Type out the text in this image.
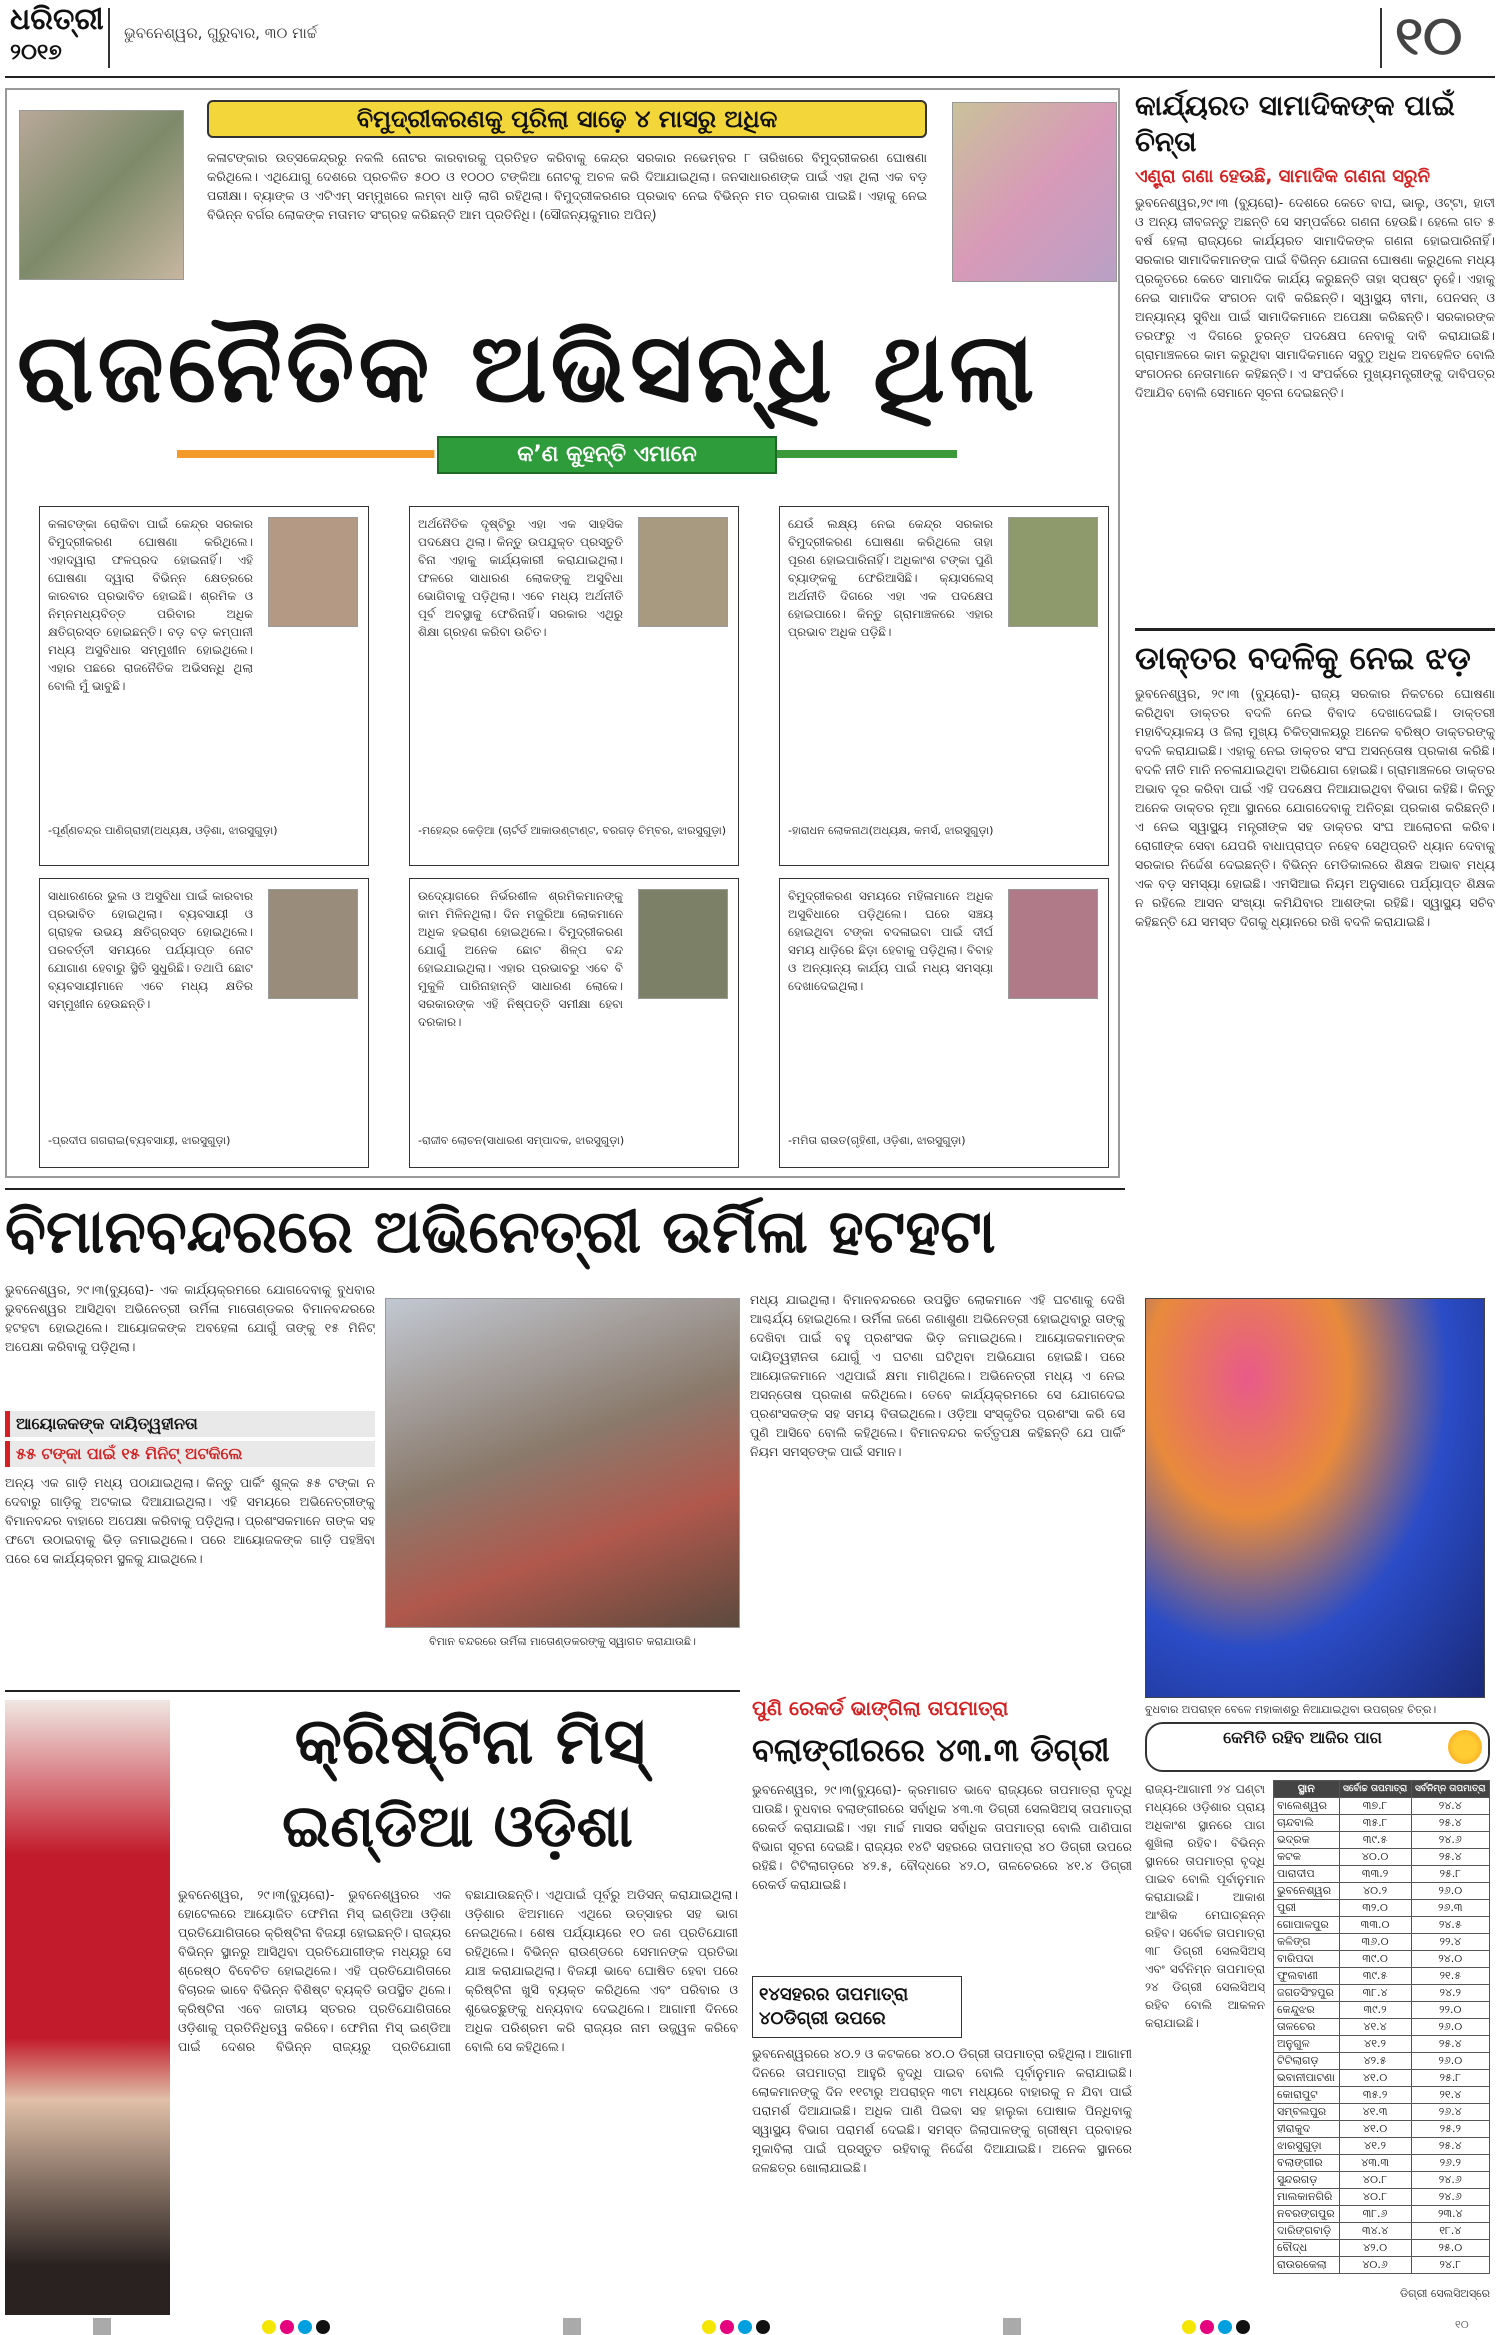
ଧରିତ୍ରୀ
୨୦୧୭
ଭୁବନେଶ୍ୱର, ଗୁରୁବାର, ୩୦ ମାର୍ଚ୍ଚ	୧୦
ବିମୁଦ୍ରୀକରଣକୁ ପୂରିଲା ସାଢ଼େ ୪ ମାସରୁ ଅଧିକ
କଳାଟଙ୍କାର ଉତ୍ସକେନ୍ଦ୍ରରୁ ନକଲି ନୋଟର କାରବାରକୁ ପ୍ରତିହତ କରିବାକୁ କେନ୍ଦ୍ର ସରକାର ନଭେମ୍ବର ୮ ତାରିଖରେ ବିମୁଦ୍ରୀକରଣ ଘୋଷଣା କରିଥିଲେ। ଏଥିଯୋଗୁ ଦେଶରେ ପ୍ରଚଳିତ ୫୦୦ ଓ ୧୦୦୦ ଟଙ୍କିଆ ନୋଟକୁ ଅଚଳ କରି ଦିଆଯାଇଥିଲା। ଜନସାଧାରଣଙ୍କ ପାଇଁ ଏହା ଥିଲା ଏକ ବଡ଼ ପରୀକ୍ଷା। ବ୍ୟାଙ୍କ ଓ ଏଟିଏମ୍ ସମ୍ମୁଖରେ ଲମ୍ବା ଧାଡ଼ି ଲାଗି ରହିଥିଲା। ବିମୁଦ୍ରୀକରଣର ପ୍ରଭାବ ନେଇ ବିଭିନ୍ନ ମତ ପ୍ରକାଶ ପାଇଛି। ଏହାକୁ ନେଇ ବିଭିନ୍ନ ବର୍ଗର ଲୋକଙ୍କ ମତାମତ ସଂଗ୍ରହ କରିଛନ୍ତି ଆମ ପ୍ରତିନିଧି। (ସୌଜନ୍ୟକୁମାର ଅପିନ୍)
ରାଜନୈତିକ ଅଭିସନ୍ଧି ଥିଲା
କ’ଣ କୁହନ୍ତି ଏମାନେ
କଳାଟଙ୍କା ରୋକିବା ପାଇଁ କେନ୍ଦ୍ର ସରକାର ବିମୁଦ୍ରୀକରଣ ଘୋଷଣା କରିଥିଲେ। ଏହାଦ୍ୱାରା ଫଳପ୍ରଦ ହୋଇନାହିଁ। ଏହି ଘୋଷଣା ଦ୍ୱାରା ବିଭିନ୍ନ କ୍ଷେତ୍ରରେ କାରବାର ପ୍ରଭାବିତ ହୋଇଛି। ଶ୍ରମିକ ଓ ନିମ୍ନମଧ୍ୟବିତ୍ତ ପରିବାର ଅଧିକ କ୍ଷତିଗ୍ରସ୍ତ ହୋଇଛନ୍ତି। ବଡ଼ ବଡ଼ କମ୍ପାନୀ ମଧ୍ୟ ଅସୁବିଧାର ସମ୍ମୁଖୀନ ହୋଇଥିଲେ। ଏହାର ପଛରେ ରାଜନୈତିକ ଅଭିସନ୍ଧି ଥିଲା ବୋଲି ମୁଁ ଭାବୁଛି।
-ପୂର୍ଣ୍ଣଚନ୍ଦ୍ର ପାଣିଗ୍ରାହୀ(ଅଧ୍ୟକ୍ଷ, ଓଡ଼ିଶା, ଝାରସୁଗୁଡ଼ା)
ଅର୍ଥନୈତିକ ଦୃଷ୍ଟିରୁ ଏହା ଏକ ସାହସିକ ପଦକ୍ଷେପ ଥିଲା। କିନ୍ତୁ ଉପଯୁକ୍ତ ପ୍ରସ୍ତୁତି ବିନା ଏହାକୁ କାର୍ଯ୍ୟକାରୀ କରାଯାଇଥିଲା। ଫଳରେ ସାଧାରଣ ଲୋକଙ୍କୁ ଅସୁବିଧା ଭୋଗିବାକୁ ପଡ଼ିଥିଲା। ଏବେ ମଧ୍ୟ ଅର୍ଥନୀତି ପୂର୍ବ ଅବସ୍ଥାକୁ ଫେରିନାହିଁ। ସରକାର ଏଥିରୁ ଶିକ୍ଷା ଗ୍ରହଣ କରିବା ଉଚିତ।
-ମହେନ୍ଦ୍ର କେଡ଼ିଆ (ଚାର୍ଟର୍ଡ ଆକାଉଣ୍ଟାଣ୍ଟ, ବରଗଡ଼ ଚିମ୍ବର, ଝାରସୁଗୁଡ଼ା)
ଯେଉଁ ଲକ୍ଷ୍ୟ ନେଇ କେନ୍ଦ୍ର ସରକାର ବିମୁଦ୍ରୀକରଣ ଘୋଷଣା କରିଥିଲେ ତାହା ପୂରଣ ହୋଇପାରିନାହିଁ। ଅଧିକାଂଶ ଟଙ୍କା ପୁଣି ବ୍ୟାଙ୍କକୁ ଫେରିଆସିଛି। କ୍ୟାସଲେସ୍ ଅର୍ଥନୀତି ଦିଗରେ ଏହା ଏକ ପଦକ୍ଷେପ ହୋଇପାରେ। କିନ୍ତୁ ଗ୍ରାମାଞ୍ଚଳରେ ଏହାର ପ୍ରଭାବ ଅଧିକ ପଡ଼ିଛି।
-ହାରାଧନ ଲୋକନାଥ(ଅଧ୍ୟକ୍ଷ, କମର୍ସ, ଝାରସୁଗୁଡ଼ା)
ସାଧାରଣରେ ଭୁଲ ଓ ଅସୁବିଧା ପାଇଁ କାରବାର ପ୍ରଭାବିତ ହୋଇଥିଲା। ବ୍ୟବସାୟୀ ଓ ଗ୍ରାହକ ଉଭୟ କ୍ଷତିଗ୍ରସ୍ତ ହୋଇଥିଲେ। ପରବର୍ତ୍ତୀ ସମୟରେ ପର୍ଯ୍ୟାପ୍ତ ନୋଟ ଯୋଗାଣ ହେବାରୁ ସ୍ଥିତି ସୁଧୁରିଛି। ତଥାପି ଛୋଟ ବ୍ୟବସାୟୀମାନେ ଏବେ ମଧ୍ୟ କ୍ଷତିର ସମ୍ମୁଖୀନ ହେଉଛନ୍ତି।
-ପ୍ରଦୀପ ଗଗରାଇ(ବ୍ୟବସାୟୀ, ଝାରସୁଗୁଡ଼ା)
ଉଦ୍ୟୋଗରେ ନିର୍ଭରଶୀଳ ଶ୍ରମିକମାନଙ୍କୁ କାମ ମିଳିନଥିଲା। ଦିନ ମଜୁରିଆ ଲୋକମାନେ ଅଧିକ ହଇରାଣ ହୋଇଥିଲେ। ବିମୁଦ୍ରୀକରଣ ଯୋଗୁଁ ଅନେକ ଛୋଟ ଶିଳ୍ପ ବନ୍ଦ ହୋଇଯାଇଥିଲା। ଏହାର ପ୍ରଭାବରୁ ଏବେ ବି ମୁକୁଳି ପାରିନାହାନ୍ତି ସାଧାରଣ ଲୋକେ। ସରକାରଙ୍କ ଏହି ନିଷ୍ପତ୍ତି ସମୀକ୍ଷା ହେବା ଦରକାର।
-ରାଜୀବ ଲୋଚନ(ସାଧାରଣ ସମ୍ପାଦକ, ଝାରସୁଗୁଡ଼ା)
ବିମୁଦ୍ରୀକରଣ ସମୟରେ ମହିଳାମାନେ ଅଧିକ ଅସୁବିଧାରେ ପଡ଼ିଥିଲେ। ଘରେ ସଞ୍ଚୟ ହୋଇଥିବା ଟଙ୍କା ବଦଳାଇବା ପାଇଁ ଦୀର୍ଘ ସମୟ ଧାଡ଼ିରେ ଛିଡ଼ା ହେବାକୁ ପଡ଼ିଥିଲା। ବିବାହ ଓ ଅନ୍ୟାନ୍ୟ କାର୍ଯ୍ୟ ପାଇଁ ମଧ୍ୟ ସମସ୍ୟା ଦେଖାଦେଇଥିଲା।
-ମମିତା ରାଉତ(ଗୃହିଣୀ, ଓଡ଼ିଶା, ଝାରସୁଗୁଡ଼ା)
କାର୍ଯ୍ୟରତ ସାମାଦିକଙ୍କ ପାଇଁ ଚିନ୍ତା
ଏଣ୍ଟ୍ରା ଗଣା ହେଉଛି, ସାମାଦିକ ଗଣନା ସରୁନି
ଭୁବନେଶ୍ୱର,୨୯।୩ (ବ୍ୟୁରୋ)- ଦେଶରେ କେତେ ବାଘ, ଭାଲୁ, ଓଟ୍ଟା, ହାତୀ ଓ ଅନ୍ୟ ଜୀବଜନ୍ତୁ ଅଛନ୍ତି ସେ ସମ୍ପର୍କରେ ଗଣନା ହେଉଛି। ହେଲେ ଗତ ୫ ବର୍ଷ ହେଲା ରାଜ୍ୟରେ କାର୍ଯ୍ୟରତ ସାମାଦିକଙ୍କ ଗଣନା ହୋଇପାରିନାହିଁ। ସରକାର ସାମାଦିକମାନଙ୍କ ପାଇଁ ବିଭିନ୍ନ ଯୋଜନା ଘୋଷଣା କରୁଥିଲେ ମଧ୍ୟ ପ୍ରକୃତରେ କେତେ ସାମାଦିକ କାର୍ଯ୍ୟ କରୁଛନ୍ତି ତାହା ସ୍ପଷ୍ଟ ନୁହେଁ। ଏହାକୁ ନେଇ ସାମାଦିକ ସଂଗଠନ ଦାବି କରିଛନ୍ତି। ସ୍ୱାସ୍ଥ୍ୟ ବୀମା, ପେନସନ୍ ଓ ଅନ୍ୟାନ୍ୟ ସୁବିଧା ପାଇଁ ସାମାଦିକମାନେ ଅପେକ୍ଷା କରିଛନ୍ତି। ସରକାରଙ୍କ ତରଫରୁ ଏ ଦିଗରେ ତୁରନ୍ତ ପଦକ୍ଷେପ ନେବାକୁ ଦାବି କରାଯାଇଛି। ଗ୍ରାମାଞ୍ଚଳରେ କାମ କରୁଥିବା ସାମାଦିକମାନେ ସବୁଠୁ ଅଧିକ ଅବହେଳିତ ବୋଲି ସଂଗଠନର ନେତାମାନେ କହିଛନ୍ତି। ଏ ସଂପର୍କରେ ମୁଖ୍ୟମନ୍ତ୍ରୀଙ୍କୁ ଦାବିପତ୍ର ଦିଆଯିବ ବୋଲି ସେମାନେ ସୂଚନା ଦେଇଛନ୍ତି।
ଡାକ୍ତର ବଦଳିକୁ ନେଇ ଝଡ଼
ଭୁବନେଶ୍ୱର, ୨୯।୩ (ବ୍ୟୁରୋ)- ରାଜ୍ୟ ସରକାର ନିକଟରେ ଘୋଷଣା କରିଥିବା ଡାକ୍ତର ବଦଳି ନେଇ ବିବାଦ ଦେଖାଦେଇଛି। ଡାକ୍ତରୀ ମହାବିଦ୍ୟାଳୟ ଓ ଜିଲା ମୁଖ୍ୟ ଚିକିତ୍ସାଳୟରୁ ଅନେକ ବରିଷ୍ଠ ଡାକ୍ତରଙ୍କୁ ବଦଳି କରାଯାଇଛି। ଏହାକୁ ନେଇ ଡାକ୍ତର ସଂଘ ଅସନ୍ତୋଷ ପ୍ରକାଶ କରିଛି। ବଦଳି ନୀତି ମାନି ନଚଳାଯାଇଥିବା ଅଭିଯୋଗ ହୋଇଛି। ଗ୍ରାମାଞ୍ଚଳରେ ଡାକ୍ତର ଅଭାବ ଦୂର କରିବା ପାଇଁ ଏହି ପଦକ୍ଷେପ ନିଆଯାଇଥିବା ବିଭାଗ କହିଛି। କିନ୍ତୁ ଅନେକ ଡାକ୍ତର ନୂଆ ସ୍ଥାନରେ ଯୋଗଦେବାକୁ ଅନିଚ୍ଛା ପ୍ରକାଶ କରିଛନ୍ତି। ଏ ନେଇ ସ୍ୱାସ୍ଥ୍ୟ ମନ୍ତ୍ରୀଙ୍କ ସହ ଡାକ୍ତର ସଂଘ ଆଲୋଚନା କରିବ। ରୋଗୀଙ୍କ ସେବା ଯେପରି ବାଧାପ୍ରାପ୍ତ ନହେବ ସେଥିପ୍ରତି ଧ୍ୟାନ ଦେବାକୁ ସରକାର ନିର୍ଦ୍ଦେଶ ଦେଇଛନ୍ତି। ବିଭିନ୍ନ ମେଡିକାଲରେ ଶିକ୍ଷକ ଅଭାବ ମଧ୍ୟ ଏକ ବଡ଼ ସମସ୍ୟା ହୋଇଛି। ଏମସିଆଇ ନିୟମ ଅନୁସାରେ ପର୍ଯ୍ୟାପ୍ତ ଶିକ୍ଷକ ନ ରହିଲେ ଆସନ ସଂଖ୍ୟା କମିଯିବାର ଆଶଙ୍କା ରହିଛି। ସ୍ୱାସ୍ଥ୍ୟ ସଚିବ କହିଛନ୍ତି ଯେ ସମସ୍ତ ଦିଗକୁ ଧ୍ୟାନରେ ରଖି ବଦଳି କରାଯାଇଛି।
ବିମାନବନ୍ଦରରେ ଅଭିନେତ୍ରୀ ଉର୍ମିଳା ହଟହଟା
ଭୁବନେଶ୍ୱର, ୨୯।୩(ବ୍ୟୁରୋ)- ଏକ କାର୍ଯ୍ୟକ୍ରମରେ ଯୋଗଦେବାକୁ ବୁଧବାର ଭୁବନେଶ୍ୱର ଆସିଥିବା ଅଭିନେତ୍ରୀ ଉର୍ମିଳା ମାତୋଣ୍ଡକର ବିମାନବନ୍ଦରରେ ହଟହଟା ହୋଇଥିଲେ। ଆୟୋଜକଙ୍କ ଅବହେଳା ଯୋଗୁଁ ତାଙ୍କୁ ୧୫ ମିନିଟ୍ ଅପେକ୍ଷା କରିବାକୁ ପଡ଼ିଥିଲା।
ଆୟୋଜକଙ୍କ ଦାୟିତ୍ୱହୀନତା
୫୫ ଟଙ୍କା ପାଇଁ ୧୫ ମିନିଟ୍ ଅଟକିଲେ
ଅନ୍ୟ ଏକ ଗାଡ଼ି ମଧ୍ୟ ପଠାଯାଇଥିଲା। କିନ୍ତୁ ପାର୍କିଂ ଶୁଳ୍କ ୫୫ ଟଙ୍କା ନ ଦେବାରୁ ଗାଡ଼ିକୁ ଅଟକାଇ ଦିଆଯାଇଥିଲା। ଏହି ସମୟରେ ଅଭିନେତ୍ରୀଙ୍କୁ ବିମାନବନ୍ଦର ବାହାରେ ଅପେକ୍ଷା କରିବାକୁ ପଡ଼ିଥିଲା। ପ୍ରଶଂସକମାନେ ତାଙ୍କ ସହ ଫଟୋ ଉଠାଇବାକୁ ଭିଡ଼ ଜମାଇଥିଲେ। ପରେ ଆୟୋଜକଙ୍କ ଗାଡ଼ି ପହଞ୍ଚିବା ପରେ ସେ କାର୍ଯ୍ୟକ୍ରମ ସ୍ଥଳକୁ ଯାଇଥିଲେ।
ବିମାନ ବନ୍ଦରରେ ଉର୍ମିଳା ମାତୋଣ୍ଡକରଙ୍କୁ ସ୍ୱାଗତ କରାଯାଉଛି।
ମଧ୍ୟ ଯାଇଥିଲା। ବିମାନବନ୍ଦରରେ ଉପସ୍ଥିତ ଲୋକମାନେ ଏହି ଘଟଣାକୁ ଦେଖି ଆଶ୍ଚର୍ଯ୍ୟ ହୋଇଥିଲେ। ଉର୍ମିଳା ଜଣେ ଜଣାଶୁଣା ଅଭିନେତ୍ରୀ ହୋଇଥିବାରୁ ତାଙ୍କୁ ଦେଖିବା ପାଇଁ ବହୁ ପ୍ରଶଂସକ ଭିଡ଼ ଜମାଇଥିଲେ। ଆୟୋଜକମାନଙ୍କ ଦାୟିତ୍ୱହୀନତା ଯୋଗୁଁ ଏ ଘଟଣା ଘଟିଥିବା ଅଭିଯୋଗ ହୋଇଛି। ପରେ ଆୟୋଜକମାନେ ଏଥିପାଇଁ କ୍ଷମା ମାଗିଥିଲେ। ଅଭିନେତ୍ରୀ ମଧ୍ୟ ଏ ନେଇ ଅସନ୍ତୋଷ ପ୍ରକାଶ କରିଥିଲେ। ତେବେ କାର୍ଯ୍ୟକ୍ରମରେ ସେ ଯୋଗଦେଇ ପ୍ରଶଂସକଙ୍କ ସହ ସମୟ ବିତାଇଥିଲେ। ଓଡ଼ିଆ ସଂସ୍କୃତିର ପ୍ରଶଂସା କରି ସେ ପୁଣି ଆସିବେ ବୋଲି କହିଥିଲେ। ବିମାନବନ୍ଦର କର୍ତ୍ତୃପକ୍ଷ କହିଛନ୍ତି ଯେ ପାର୍କିଂ ନିୟମ ସମସ୍ତଙ୍କ ପାଇଁ ସମାନ।
ବୁଧବାର ଅପରାହ୍ନ ବେଳେ ମହାକାଶରୁ ନିଆଯାଇଥିବା ଉପଗ୍ରହ ଚିତ୍ର।
କେମିତି ରହିବ ଆଜିର ପାଗ
ରାଜ୍ୟ-ଆଗାମୀ ୨୪ ଘଣ୍ଟା ମଧ୍ୟରେ ଓଡ଼ିଶାର ପ୍ରାୟ ଅଧିକାଂଶ ସ୍ଥାନରେ ପାଗ ଶୁଖିଲା ରହିବ। ବିଭିନ୍ନ ସ୍ଥାନରେ ତାପମାତ୍ରା ବୃଦ୍ଧି ପାଇବ ବୋଲି ପୂର୍ବାନୁମାନ କରାଯାଇଛି। ଆକାଶ ଆଂଶିକ ମେଘାଚ୍ଛନ୍ନ ରହିବ। ସର୍ବୋଚ୍ଚ ତାପମାତ୍ରା ୩୮ ଡିଗ୍ରୀ ସେଲସିଅସ୍ ଏବଂ ସର୍ବନିମ୍ନ ତାପମାତ୍ରା ୨୪ ଡିଗ୍ରୀ ସେଲସିଅସ୍ ରହିବ ବୋଲି ଆକଳନ କରାଯାଇଛି।
ସ୍ଥାନ	ସର୍ବୋଚ୍ଚ ତାପମାତ୍ରା	ସର୍ବନିମ୍ନ ତାପମାତ୍ରା
ବାଲେଶ୍ୱର	୩୭.୮	୨୪.୪
ଚାନ୍ଦବାଲି	୩୫.୮	୨୫.୪
ଭଦ୍ରକ	୩୯.୫	୨୪.୬
କଟକ	୪୦.୦	୨୫.୪
ପାରାଦୀପ	୩୩.୨	୨୫.୮
ଭୁବନେଶ୍ୱର	୪୦.୨	୨୬.୦
ପୁରୀ	୩୨.୦	୨୬.୩
ଗୋପାଳପୁର	୩୩.୦	୨୪.୫
କଳିଙ୍ଗ	୩୬.୦	୨୨.୪
ବାରିପଦା	୩୯.୦	୨୪.୦
ଫୁଲବାଣୀ	୩୯.୫	୨୧.୫
ଜଗତସିଂହପୁର	୩୮.୪	୨୪.୨
କେନ୍ଦୁଝର	୩୯.୨	୨୨.୦
ତାଳଚେର	୪୧.୪	୨୬.୦
ଅନୁଗୁଳ	୪୧.୨	୨୫.୪
ଟିଟିଲାଗଡ଼	୪୨.୫	୨୬.୦
ଭବାନୀପାଟଣା	୪୧.୦	୨୫.୮
କୋରାପୁଟ	୩୫.୨	୨୧.୪
ସମ୍ବଲପୁର	୪୧.୩	୨୬.୪
ହୀରାକୁଦ	୪୧.୦	୨୫.୨
ଝାରସୁଗୁଡ଼ା	୪୧.୨	୨୫.୪
ବଲାଙ୍ଗୀର	୪୩.୩	୨୬.୨
ସୁନ୍ଦରଗଡ଼	୪୦.୮	୨୪.୬
ମାଲକାନଗିରି	୪୦.୮	୨୪.୬
ନବରଙ୍ଗପୁର	୩୮.୬	୨୩.୪
ଦାରିଙ୍ଗବାଡ଼ି	୩୪.୪	୧୮.୪
ବୌଦ୍ଧ	୪୨.୦	୨୫.୦
ରାଉରକେଲା	୪୦.୬	୨୪.୮
ଡିଗ୍ରୀ ସେଲସିଅସ୍‌ରେ
କ୍ରିଷ୍ଟିନା ମିସ୍
ଇଣ୍ଡିଆ ଓଡ଼ିଶା
ଭୁବନେଶ୍ୱର, ୨୯।୩(ବ୍ୟୁରୋ)- ଭୁବନେଶ୍ୱରର ଏକ ହୋଟେଲରେ ଆୟୋଜିତ ଫେମିନା ମିସ୍ ଇଣ୍ଡିଆ ଓଡ଼ିଶା ପ୍ରତିଯୋଗିତାରେ କ୍ରିଷ୍ଟିନା ବିଜୟୀ ହୋଇଛନ୍ତି। ରାଜ୍ୟର ବିଭିନ୍ନ ସ୍ଥାନରୁ ଆସିଥିବା ପ୍ରତିଯୋଗୀଙ୍କ ମଧ୍ୟରୁ ସେ ଶ୍ରେଷ୍ଠ ବିବେଚିତ ହୋଇଥିଲେ। ଏହି ପ୍ରତିଯୋଗିତାରେ ବିଚାରକ ଭାବେ ବିଭିନ୍ନ ବିଶିଷ୍ଟ ବ୍ୟକ୍ତି ଉପସ୍ଥିତ ଥିଲେ। କ୍ରିଷ୍ଟିନା ଏବେ ଜାତୀୟ ସ୍ତରର ପ୍ରତିଯୋଗିତାରେ ଓଡ଼ିଶାକୁ ପ୍ରତିନିଧିତ୍ୱ କରିବେ। ଫେମିନା ମିସ୍ ଇଣ୍ଡିଆ ପାଇଁ ଦେଶର ବିଭିନ୍ନ ରାଜ୍ୟରୁ ପ୍ରତିଯୋଗୀ ବଛାଯାଉଛନ୍ତି। ଏଥିପାଇଁ ପୂର୍ବରୁ ଅଡିସନ୍ କରାଯାଇଥିଲା। ଓଡ଼ିଶାର ଝିଅମାନେ ଏଥିରେ ଉତ୍ସାହର ସହ ଭାଗ ନେଇଥିଲେ। ଶେଷ ପର୍ଯ୍ୟାୟରେ ୧୦ ଜଣ ପ୍ରତିଯୋଗୀ ରହିଥିଲେ। ବିଭିନ୍ନ ରାଉଣ୍ଡରେ ସେମାନଙ୍କ ପ୍ରତିଭା ଯାଞ୍ଚ କରାଯାଇଥିଲା। ବିଜୟୀ ଭାବେ ଘୋଷିତ ହେବା ପରେ କ୍ରିଷ୍ଟିନା ଖୁସି ବ୍ୟକ୍ତ କରିଥିଲେ ଏବଂ ପରିବାର ଓ ଶୁଭେଚ୍ଛୁଙ୍କୁ ଧନ୍ୟବାଦ ଦେଇଥିଲେ। ଆଗାମୀ ଦିନରେ ଅଧିକ ପରିଶ୍ରମ କରି ରାଜ୍ୟର ନାମ ଉଜ୍ଜ୍ୱଳ କରିବେ ବୋଲି ସେ କହିଥିଲେ।
ପୁଣି ରେକର୍ଡ ଭାଙ୍ଗିଲା ତାପମାତ୍ରା
ବଲାଙ୍ଗୀରରେ ୪୩.୩ ଡିଗ୍ରୀ
ଭୁବନେଶ୍ୱର, ୨୯।୩(ବ୍ୟୁରୋ)- କ୍ରମାଗତ ଭାବେ ରାଜ୍ୟରେ ତାପମାତ୍ରା ବୃଦ୍ଧି ପାଉଛି। ବୁଧବାର ବଲାଙ୍ଗୀରରେ ସର୍ବାଧିକ ୪୩.୩ ଡିଗ୍ରୀ ସେଲସିଅସ୍ ତାପମାତ୍ରା ରେକର୍ଡ କରାଯାଇଛି। ଏହା ମାର୍ଚ୍ଚ ମାସର ସର୍ବାଧିକ ତାପମାତ୍ରା ବୋଲି ପାଣିପାଗ ବିଭାଗ ସୂଚନା ଦେଇଛି। ରାଜ୍ୟର ୧୪ଟି ସହରରେ ତାପମାତ୍ରା ୪୦ ଡିଗ୍ରୀ ଉପରେ ରହିଛି। ଟିଟିଲାଗଡ଼ରେ ୪୨.୫, ବୌଦ୍ଧରେ ୪୨.୦, ତାଳଚେରରେ ୪୧.୪ ଡିଗ୍ରୀ ରେକର୍ଡ କରାଯାଇଛି।
୧୪ସହରର ତାପମାତ୍ରା ୪୦ଡିଗ୍ରୀ ଉପରେ
ଭୁବନେଶ୍ୱରରେ ୪୦.୨ ଓ କଟକରେ ୪୦.୦ ଡିଗ୍ରୀ ତାପମାତ୍ରା ରହିଥିଲା। ଆଗାମୀ ଦିନରେ ତାପମାତ୍ରା ଆହୁରି ବୃଦ୍ଧି ପାଇବ ବୋଲି ପୂର୍ବାନୁମାନ କରାଯାଇଛି। ଲୋକମାନଙ୍କୁ ଦିନ ୧୧ଟାରୁ ଅପରାହ୍ନ ୩ଟା ମଧ୍ୟରେ ବାହାରକୁ ନ ଯିବା ପାଇଁ ପରାମର୍ଶ ଦିଆଯାଇଛି। ଅଧିକ ପାଣି ପିଇବା ସହ ହାଲୁକା ପୋଷାକ ପିନ୍ଧିବାକୁ ସ୍ୱାସ୍ଥ୍ୟ ବିଭାଗ ପରାମର୍ଶ ଦେଇଛି। ସମସ୍ତ ଜିଲାପାଳଙ୍କୁ ଗ୍ରୀଷ୍ମ ପ୍ରବାହର ମୁକାବିଲା ପାଇଁ ପ୍ରସ୍ତୁତ ରହିବାକୁ ନିର୍ଦ୍ଦେଶ ଦିଆଯାଇଛି। ଅନେକ ସ୍ଥାନରେ ଜଳଛତ୍ର ଖୋଲାଯାଇଛି।
୧୦
